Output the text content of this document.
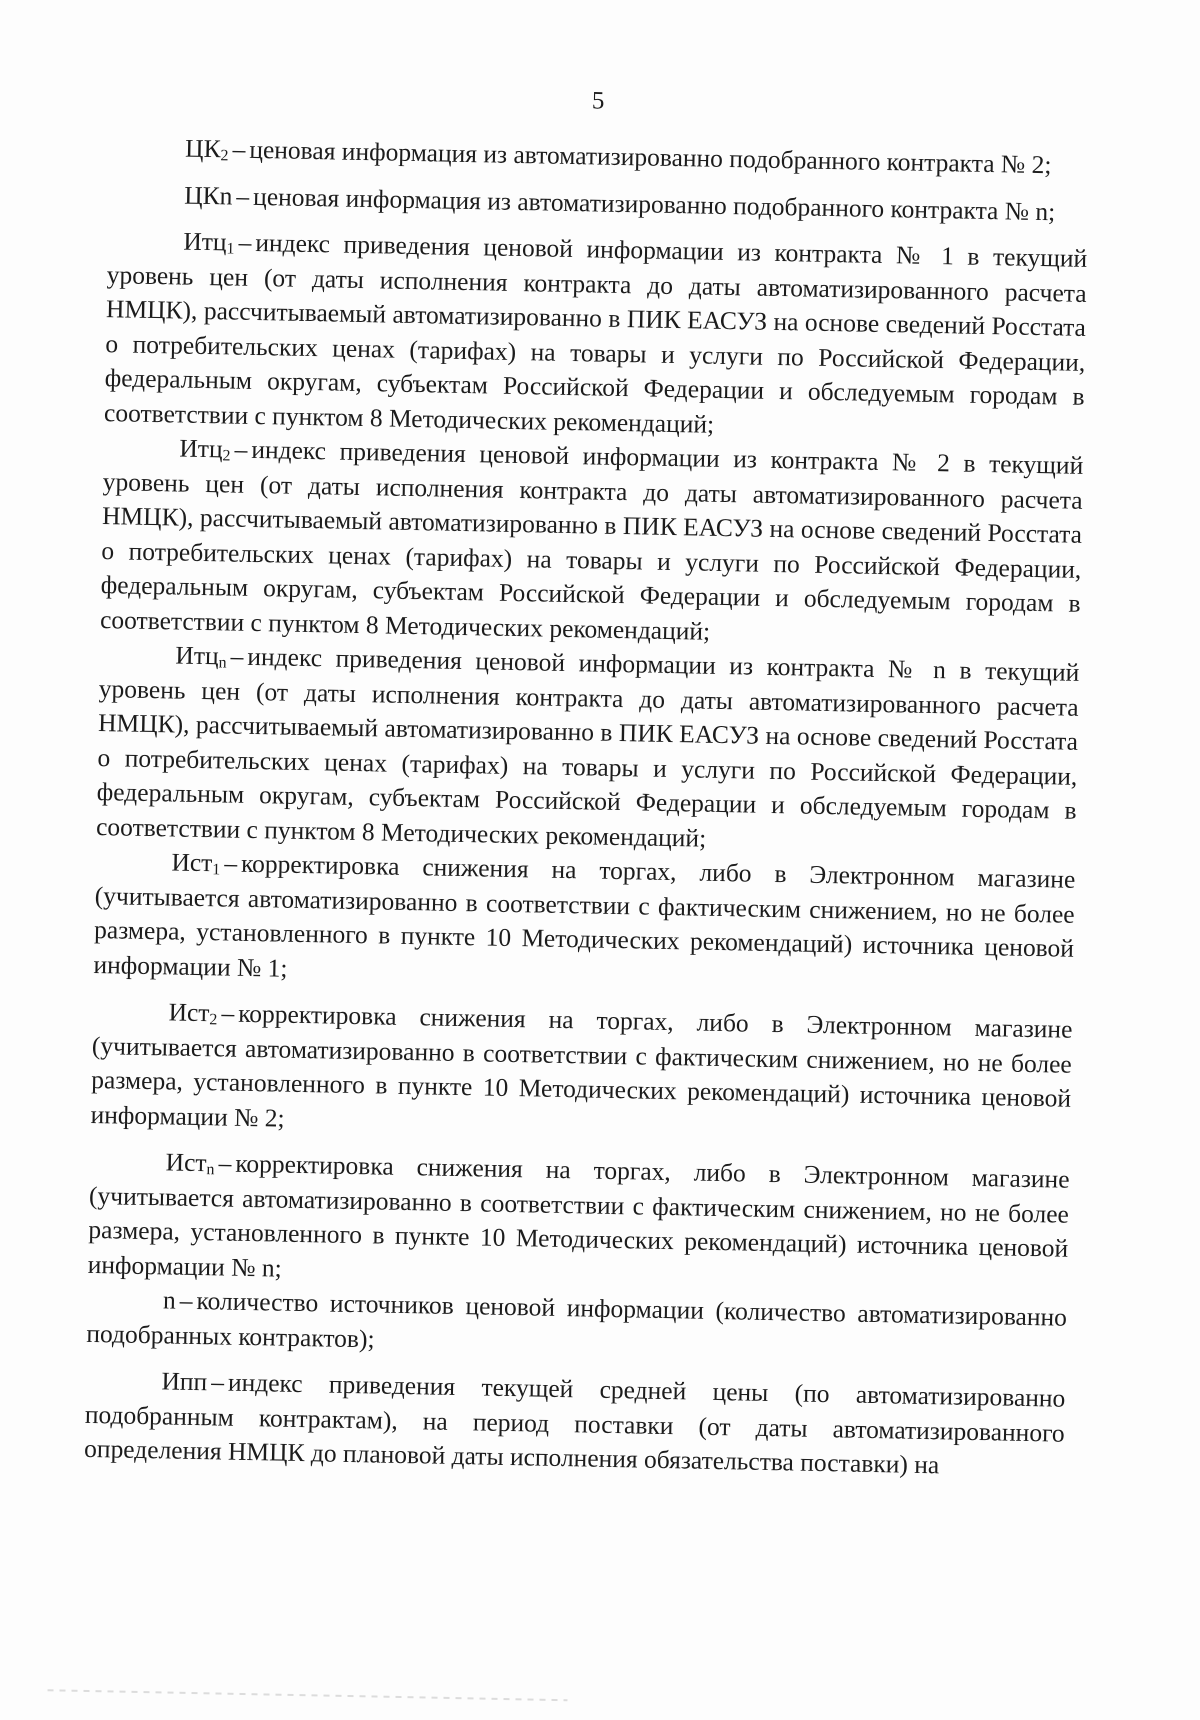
5

ЦК2 – ценовая информация из автоматизированно подобранного контракта № 2;

ЦКn – ценовая информация из автоматизированно подобранного контракта № n;

Итц1 – индекс приведения ценовой информации из контракта № 1 в текущий уровень цен (от даты исполнения контракта до даты автоматизированного расчета НМЦК), рассчитываемый автоматизированно в ПИК ЕАСУЗ на основе сведений Росстата о потребительских ценах (тарифах) на товары и услуги по Российской Федерации, федеральным округам, субъектам Российской Федерации и обследуемым городам в соответствии с пунктом 8 Методических рекомендаций;

Итц2 – индекс приведения ценовой информации из контракта № 2 в текущий уровень цен (от даты исполнения контракта до даты автоматизированного расчета НМЦК), рассчитываемый автоматизированно в ПИК ЕАСУЗ на основе сведений Росстата о потребительских ценах (тарифах) на товары и услуги по Российской Федерации, федеральным округам, субъектам Российской Федерации и обследуемым городам в соответствии с пунктом 8 Методических рекомендаций;

Итцn – индекс приведения ценовой информации из контракта № n в текущий уровень цен (от даты исполнения контракта до даты автоматизированного расчета НМЦК), рассчитываемый автоматизированно в ПИК ЕАСУЗ на основе сведений Росстата о потребительских ценах (тарифах) на товары и услуги по Российской Федерации, федеральным округам, субъектам Российской Федерации и обследуемым городам в соответствии с пунктом 8 Методических рекомендаций;

Ист1 – корректировка снижения на торгах, либо в Электронном магазине (учитывается автоматизированно в соответствии с фактическим снижением, но не более размера, установленного в пункте 10 Методических рекомендаций) источника ценовой информации № 1;

Ист2 – корректировка снижения на торгах, либо в Электронном магазине (учитывается автоматизированно в соответствии с фактическим снижением, но не более размера, установленного в пункте 10 Методических рекомендаций) источника ценовой информации № 2;

Истn – корректировка снижения на торгах, либо в Электронном магазине (учитывается автоматизированно в соответствии с фактическим снижением, но не более размера, установленного в пункте 10 Методических рекомендаций) источника ценовой информации № n;

n – количество источников ценовой информации (количество автоматизированно подобранных контрактов);

Ипп – индекс приведения текущей средней цены (по автоматизированно подобранным контрактам), на период поставки (от даты автоматизированного определения НМЦК до плановой даты исполнения обязательства поставки) на
